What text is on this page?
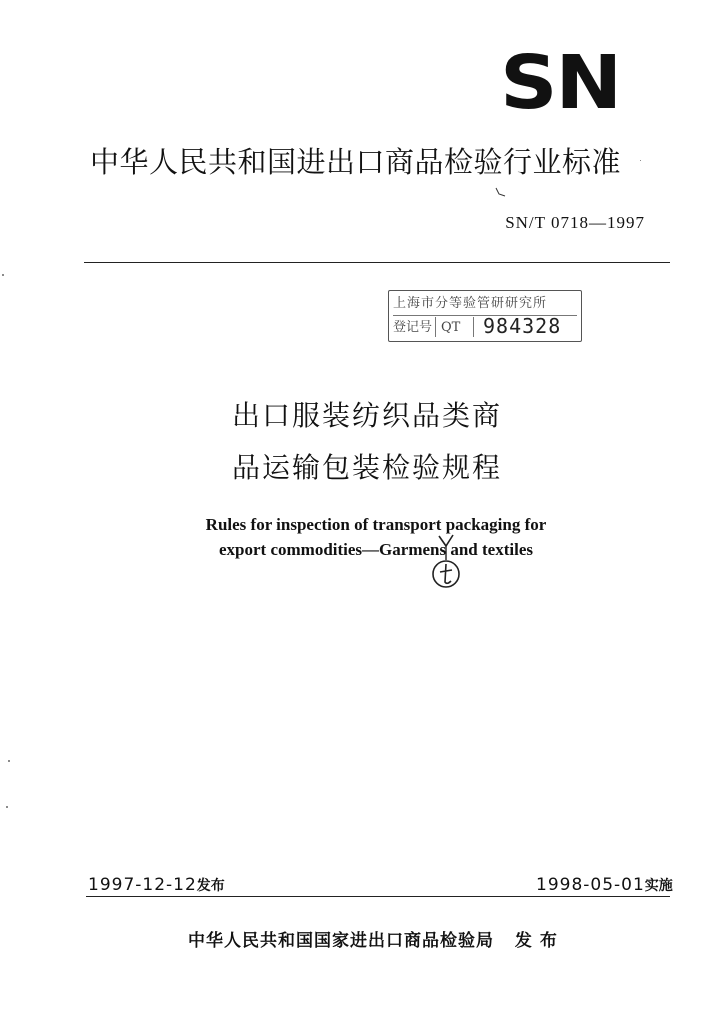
SN
中华人民共和国进出口商品检验行业标准
SN/T 0718—1997
上海市分等验管研研究所
登记号 QT	984328
出口服装纺织品类商
品运输包装检验规程
Rules for inspection of transport packaging for
export commodities—Garmens and textiles
1997-12-12发布	1998-05-01实施
中华人民共和国国家进出口商品检验局 发 布
